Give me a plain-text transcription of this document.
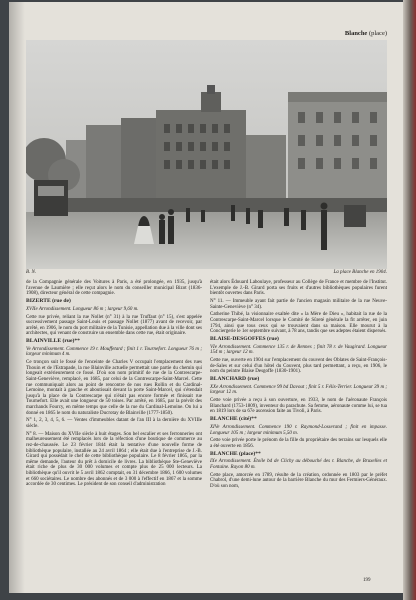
Blanche (place)
B. N.	La place Blanche en 1904.

de la Compagnie générale des Voitures à Paris, a été prolongée, en 1935, jusqu'à l'avenue de Laumière ; elle reçut alors le nom du conseiller municipal Bizot (1836-1908), directeur général de cette compagnie.

BIZERTE (rue de)

XVIIe Arrondissement. Longueur 86 m ; largeur 9,60 m.

Cette rue privée, reliant la rue Nollet (n° 31) à la rue Truffaut (n° 15), s'est appelée successivement passage Saint-Louis et passage Nollet (1877) avant de recevoir, par arrêté, en 1906, le nom du port militaire de la Tunisie, appellation due à la ville dont ses architectes, qui venant de construire un ensemble dans cette rue, était originaire.

BLAINVILLE (rue)**

Ve Arrondissement. Commence 19 r. Mouffetard ; finit 1 r. Tournefort. Longueur 76 m ; largeur minimum 4 m.

Ce tronçon suit le fossé de l'enceinte de Charles V occupait l'emplacement des rues Thouin et de l'Estrapade, la rue Blainville actuelle permettait une partie du chemin qui longeait extérieurement ce fossé. D'où son nom primitif de rue de la Contrescarpe-Saint-Geneviève, remplacé, en 1685, par celui de la Contrescarpe-Saint-Marcel. Cette rue communiquait alors au point de rencontre de nos rues Rollin et du Cardinal-Lemoine, montait à gauche et aboutissait devant la porte Saint-Marcel, qui s'étendait jusqu'à la place de la Contrescarpe qui n'était pas encore formée et finissait rue Tournefort. Elle avait une longueur de 50 toises. Par arrêté, en 1685, par la prévôt des marchands Fourcy, en même temps que celle de la rue du Cardinal-Lemoine. On lui a donné en 1865 le nom du naturaliste Ducrotay de Blainville (1777-1850).

N° 1, 2, 3, 4, 5, 6. — Ventes d'immeubles datant de l'an III à la dernière du XVIIIe siècle.

N° 8. — Maison du XVIIe siècle à huit étages. Son bel escalier et ses ferronneries ont malheureusement été remplacés lors de la réfection d'une boutique de commerce au rez-de-chaussée. Le 23 février 1844 était la tentative d'une nouvelle forme de bibliothèque populaire, installée au 24 avril 1864 ; elle était due à l'entreprise de J.-B. Girard qui possédait le chef de cette bibliothèque populaire. Le 8 février 1865, par la même demande, l'auteur du prêt à domicile de livres. La bibliothèque Ste-Geneviève était riche de plus de 30 000 volumes et compte plus de 25 000 lecteurs. La bibliothèque qu'il ouvrit le 5 avril 1862 comptait, en 31 décembre 1866, 1 600 volumes et 660 sociétaires. Le nombre des abonnés et de 3 000 à l'effectif en 1867 et la somme accordée de 30 centimes. Le président de son conseil d'administration

était alors Édouard Laboulaye, professeur au Collège de France et membre de l'Institut. L'exemple de J.-B. Girard porta ses fruits et d'autres bibliothèques populaires furent bientôt ouvertes dans Paris.

N° 11. — Immeuble ayant fait partie de l'ancien magasin militaire de la rue Neuve-Sainte-Geneviève (n° 34).

Catherine Thibé, la visionnaire exaltée dite « la Mère de Dieu », habitait la rue de la Contrescarpe-Saint-Marcel lorsque le Comité de Sûreté générale la fit arrêter, en juin 1794, ainsi que tous ceux qui se trouvaient dans sa maison. Elle mourut à la Conciergerie le 1er septembre suivant, à 78 ans, tandis que ses adeptes étaient dispersés.

BLAISE-DESGOFFES (rue)

VIe Arrondissement. Commence 135 r. de Rennes ; finit 78 r. de Vaugirard. Longueur 154 m ; largeur 12 m.

Cette rue, ouverte en 1904 sur l'emplacement du couvent des Oblates de Saint-François-de-Sales et sur celui d'un hôtel du Couvent, plus tard permettant, a reçu, en 1906, le nom du peintre Blaise Desgoffe (1830-1901).

BLANCHARD (rue)

XXe Arrondissement. Commence 99 bd Davout ; finit 5 r. Félix-Terrier. Longueur 39 m ; largeur 12 m.

Cette voie privée a reçu à son ouverture, en 1933, le nom de l'aéronaute François Blanchard (1753-1809), inventeur du parachute. Sa femme, aéronaute comme lui, se tua en 1819 lors de sa 67e ascension faite au Tivoli, à Paris.

BLANCHE (cité)**

XIVe Arrondissement. Commence 190 r. Raymond-Losserand ; finit en impasse. Longueur 105 m ; largeur minimum 5,50 m.

Cette voie privée porte le prénom de la fille du propriétaire des terrains sur lesquels elle a été ouverte en 1856.

BLANCHE (place)**

IXe Arrondissement. Étoile bd de Clichy au débouché des r. Blanche, de Bruxelles et Fontaine. Rayon 80 m.

Cette place, amorcée en 1789, résulte de la création, ordonnée en 1803 par le préfet Chabrol, d'une demi-lune autour de la barrière Blanche du mur des Fermiers-Généraux. D'où son nom,

199
